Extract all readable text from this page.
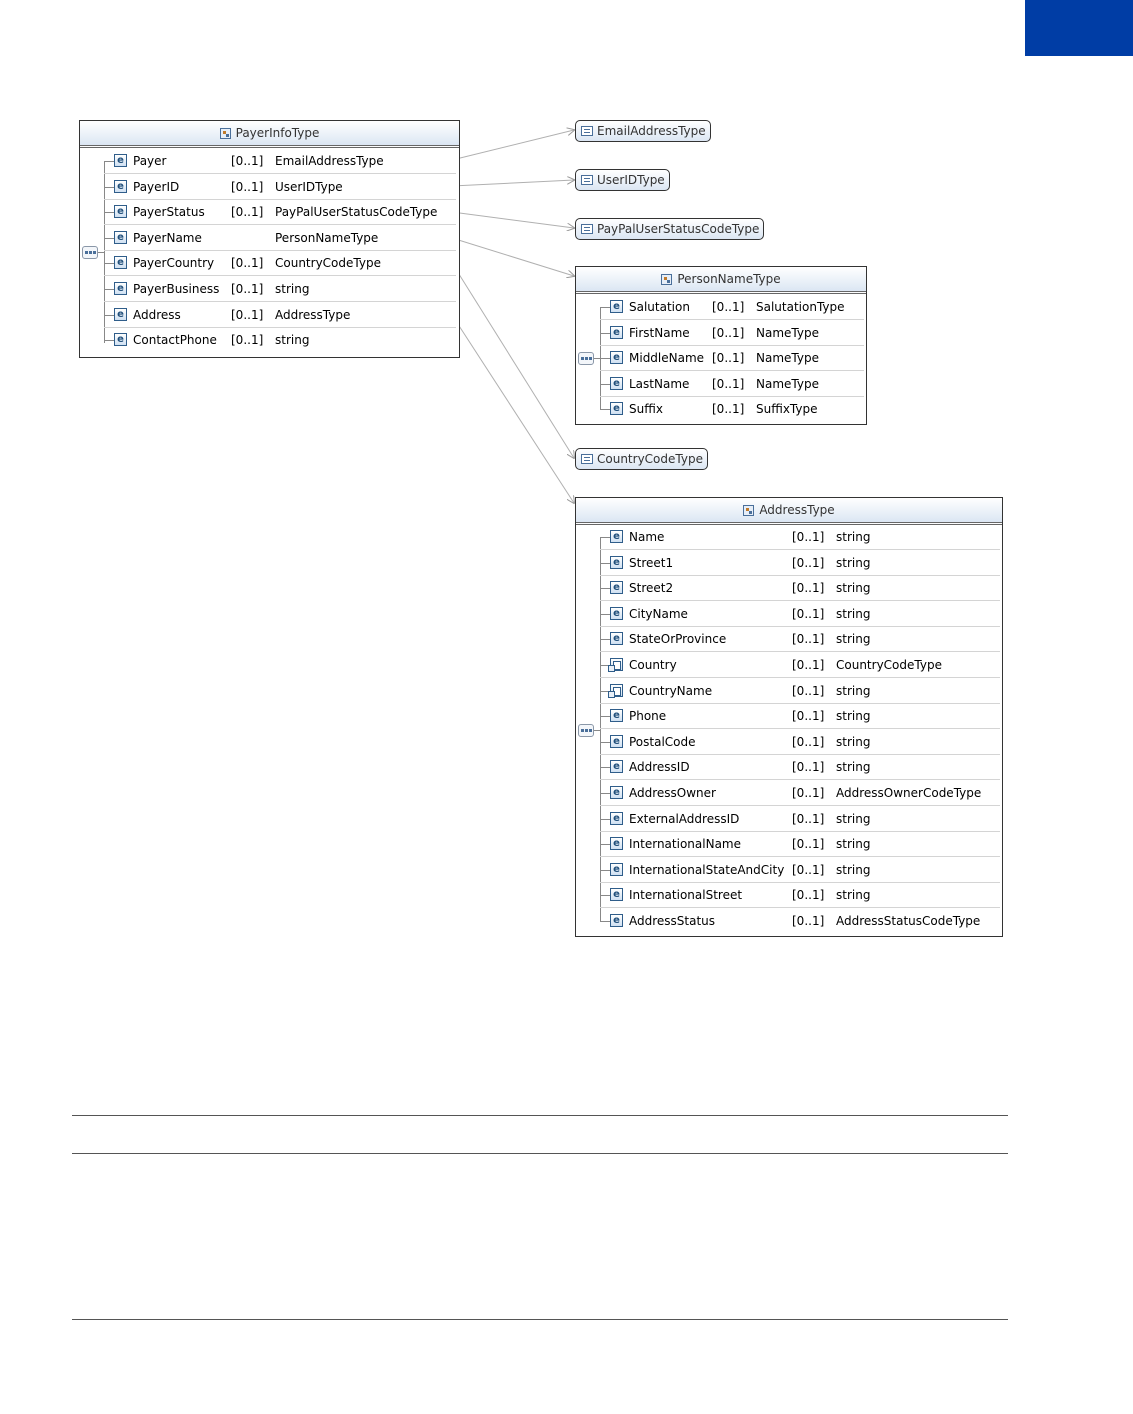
PayerInfoType
e Payer	[0..1] EmailAddressType
e PayerID	[0..1] UserIDType
e PayerStatus [0..1] PayPalUserStatusCodeType
e PayerName	PersonNameType
e PayerCountry [0..1] CountryCodeType
e PayerBusiness [0..1] string
e Address	[0..1] AddressType
e ContactPhone [0..1] string
EmailAddressType
UserIDType
PayPalUserStatusCodeType
CountryCodeType
PersonNameType
e Salutation [0..1] SalutationType
e FirstName [0..1] NameType
e MiddleName [0..1] NameType
e LastName [0..1] NameType
e Suffix	[0..1] SuffixType
AddressType
e Name	[0..1] string
e Street1	[0..1] string
e Street2	[0..1] string
e CityName	[0..1] string
e StateOrProvince	[0..1] string
Country	[0..1] CountryCodeType
CountryName	[0..1] string
e Phone	[0..1] string
e PostalCode	[0..1] string
e AddressID	[0..1] string
e AddressOwner	[0..1] AddressOwnerCodeType
e ExternalAddressID	[0..1] string
e InternationalName	[0..1] string
e InternationalStateAndCity [0..1] string
e InternationalStreet	[0..1] string
e AddressStatus	[0..1] AddressStatusCodeType
